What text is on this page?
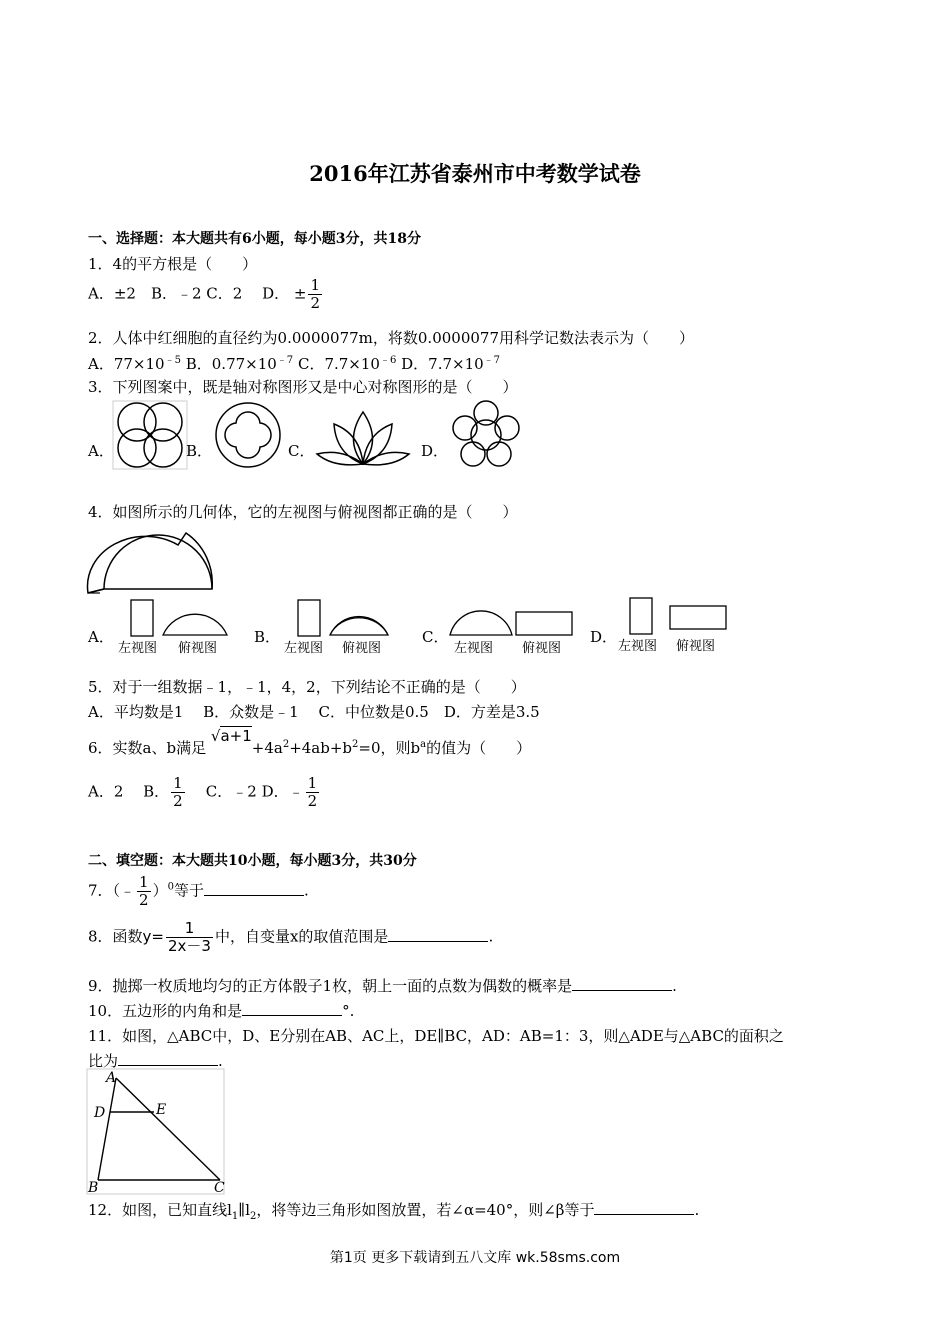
2016年江苏省泰州市中考数学试卷
一、选择题：本大题共有6小题，每小题3分，共18分
1．4的平方根是（　　）
A．±2　B．﹣2 C．2　 D． ± $\frac{1}{2}$
2．人体中红细胞的直径约为0.0000077m，将数0.0000077用科学记数法表示为（　　）
A．$77\times 10^{﹣5}$ B．$0.77\times 10^{﹣7}$ C．$7.7\times 10^{﹣6}$ D．$7.7\times 10^{﹣7}$
3．下列图案中，既是轴对称图形又是中心对称图形的是（　　）
A．	B．	C．	D．
4．如图所示的几何体，它的左视图与俯视图都正确的是（　　）
A．
左视图 俯视图
B．
左视图 俯视图
C．
左视图 俯视图
D．
左视图 俯视图
5．对于一组数据﹣1，﹣1，4，2，下列结论不正确的是（　　）
A．平均数是1　 B．众数是﹣1　 C．中位数是0.5　D．方差是3.5
6．实数a、b满足 $√a+1+4a^2+4ab+b^2=0$，则$b^a$的值为（　　）
A．2　 B． $\frac{1}{2}$ C．﹣2 D．﹣ $\frac{1}{2}$
二、填空题：本大题共10小题，每小题3分，共30分
7．（﹣ $\frac{1}{2} )^0$等于	.
8．函数$y= \frac{1}{2x-3}$ 中，自变量x的取值范围是	.
9．抛掷一枚质地均匀的正方体骰子1枚，朝上一面的点数为偶数的概率是	.
10．五边形的内角和是	°.
11．如图，△ABC中，D、E分别在AB、AC上，DE∥BC，AD：AB=1：3，则△ADE与△ABC的面积之
比为	.
A
D	E
B	C
12．如图，已知直线$l_1\parallel l_2$，将等边三角形如图放置，若∠α=40°，则∠β等于	.
第1页 更多下载请到五八文库 wk.58sms.com
